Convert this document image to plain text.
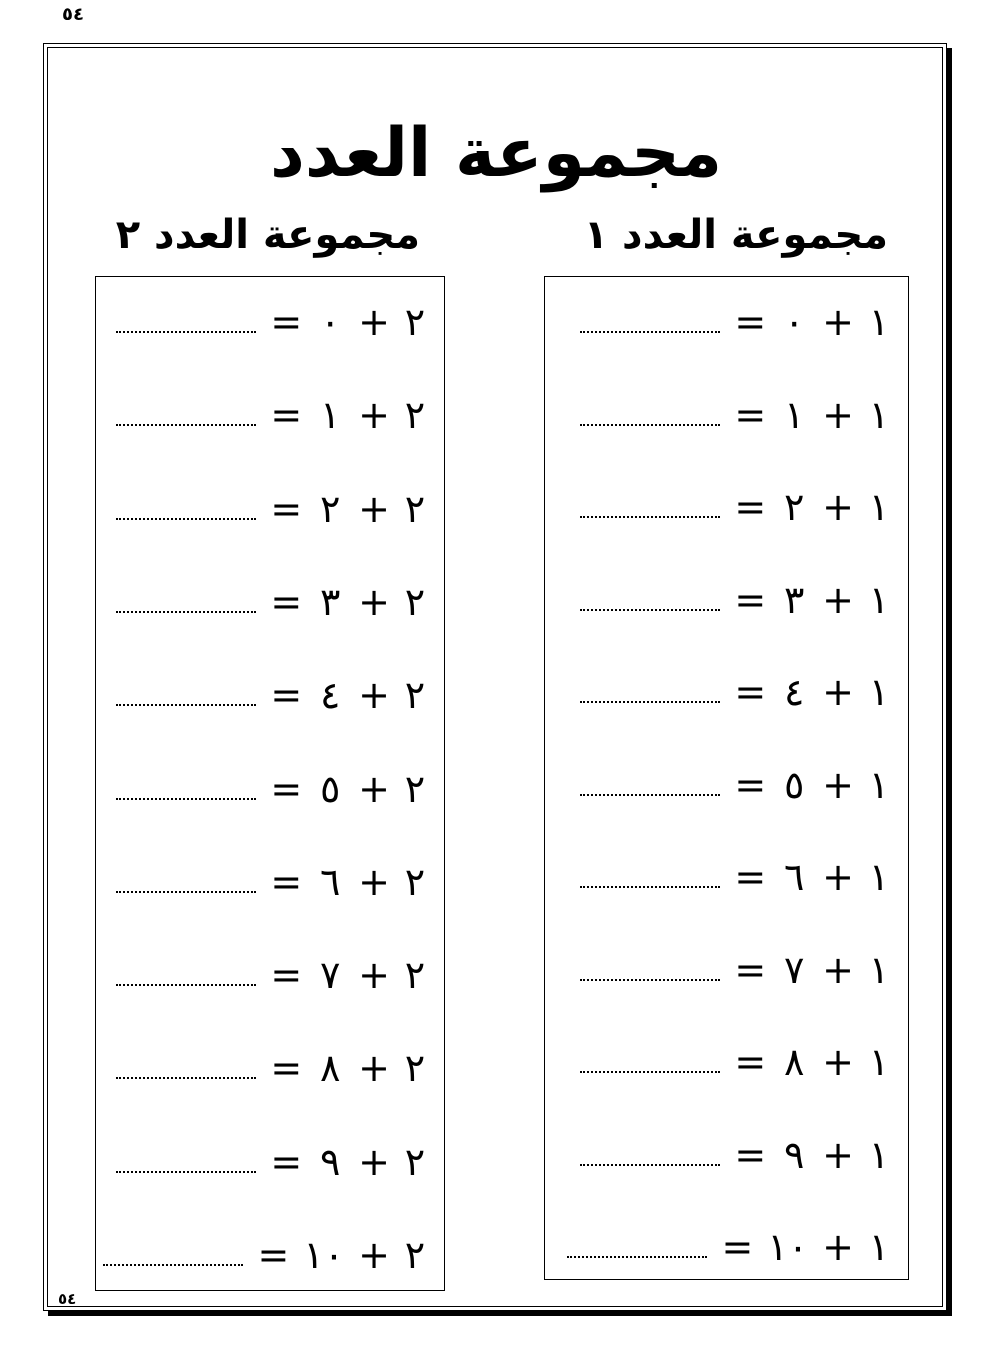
٥٤
مجموعة العدد
مجموعة العدد ١
مجموعة العدد ٢
١
+
٠
=
١
+
١
=
١
+
٢
=
١
+
٣
=
١
+
٤
=
١
+
٥
=
١
+
٦
=
١
+
٧
=
١
+
٨
=
١
+
٩
=
١
+
١٠
=
٢
+
٠
=
٢
+
١
=
٢
+
٢
=
٢
+
٣
=
٢
+
٤
=
٢
+
٥
=
٢
+
٦
=
٢
+
٧
=
٢
+
٨
=
٢
+
٩
=
٢
+
١٠
=
٥٤
